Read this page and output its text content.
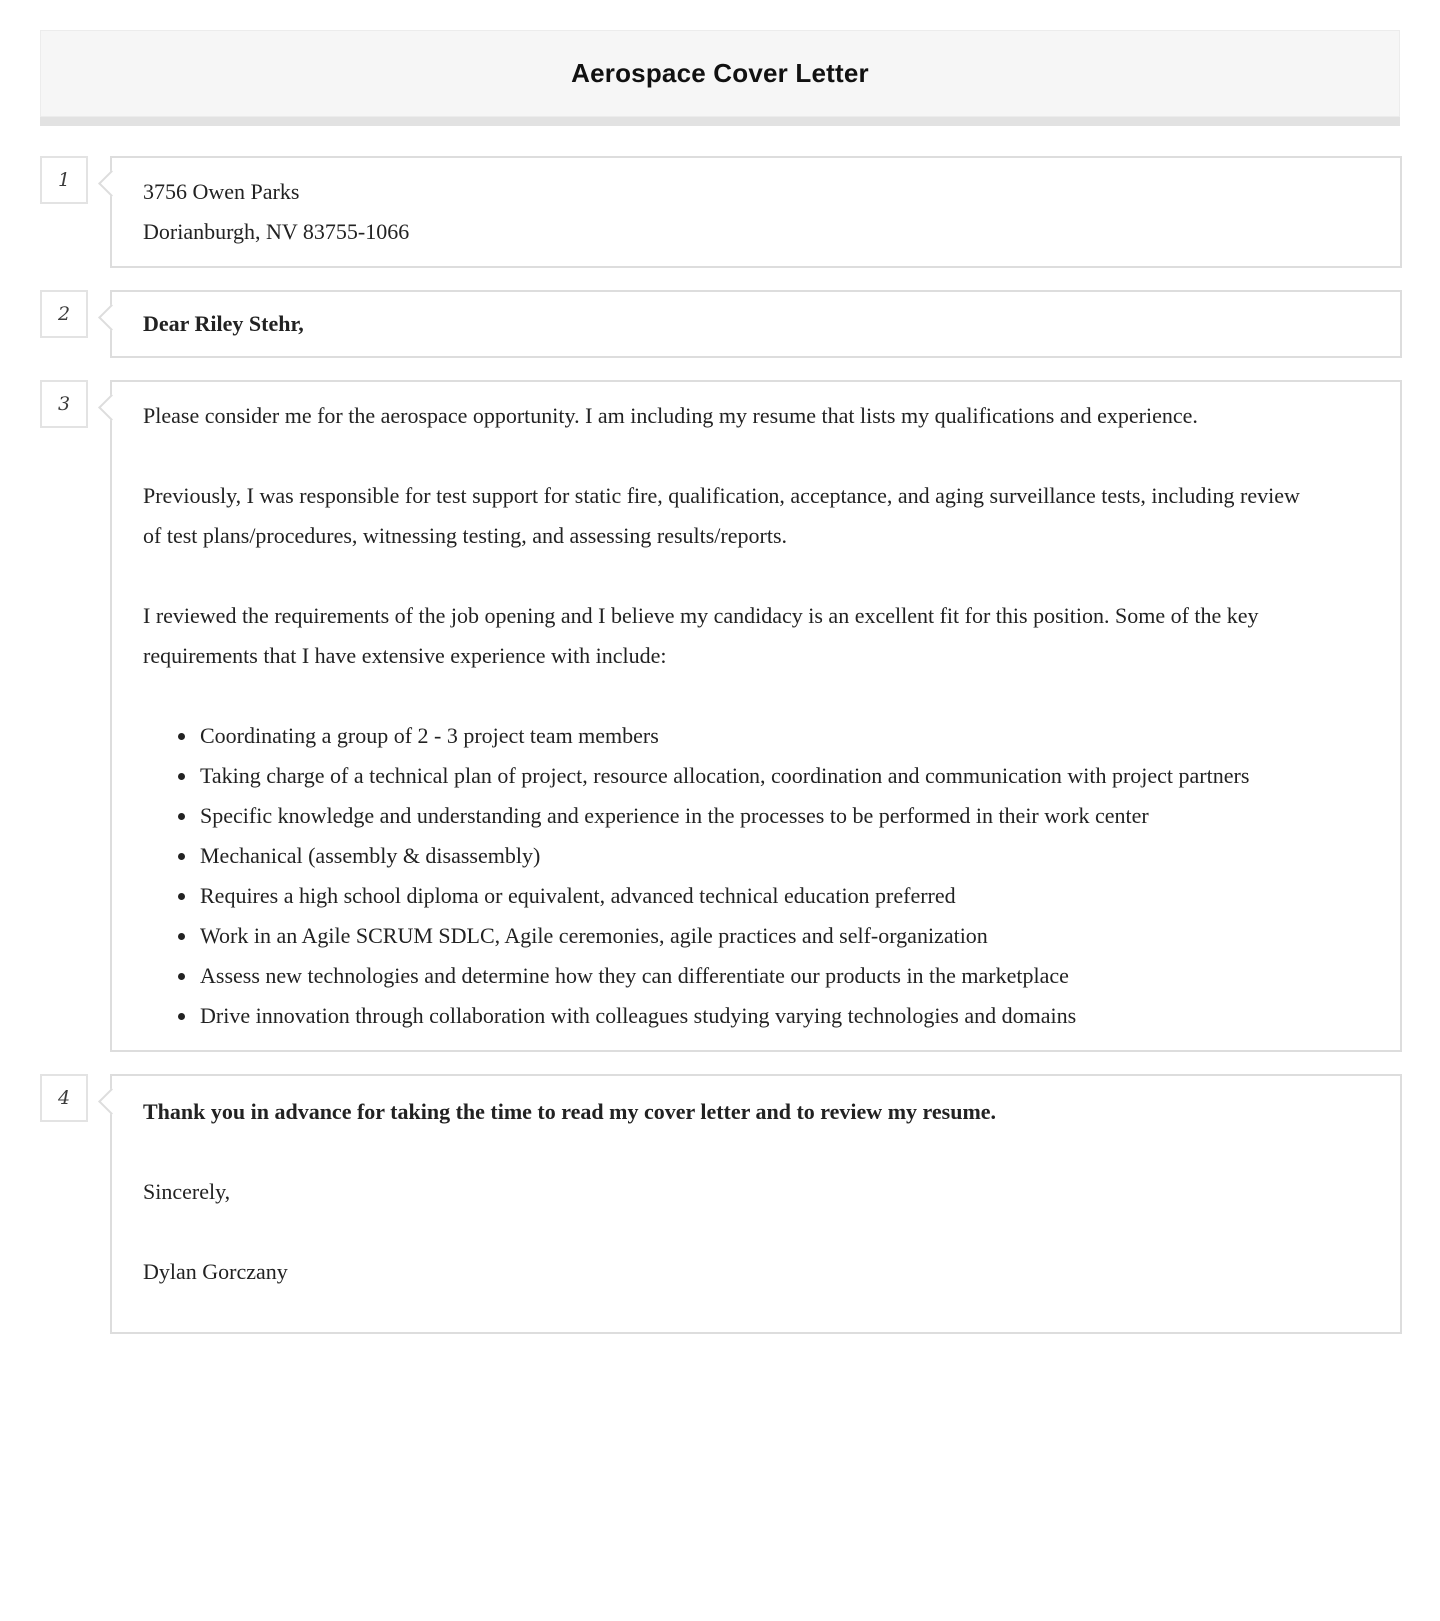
Aerospace Cover Letter
1	3756 Owen Parks

Dorianburgh, NV 83755-1066

2	Dear Riley Stehr,

3	Please consider me for the aerospace opportunity. I am including my resume that lists my qualifications and experience.

Previously, I was responsible for test support for static fire, qualification, acceptance, and aging surveillance tests, including review of test plans/procedures, witnessing testing, and assessing results/reports.

I reviewed the requirements of the job opening and I believe my candidacy is an excellent fit for this position. Some of the key requirements that I have extensive experience with include:

• Coordinating a group of 2 - 3 project team members
• Taking charge of a technical plan of project, resource allocation, coordination and communication with project partners
• Specific knowledge and understanding and experience in the processes to be performed in their work center
• Mechanical (assembly & disassembly)
• Requires a high school diploma or equivalent, advanced technical education preferred
• Work in an Agile SCRUM SDLC, Agile ceremonies, agile practices and self-organization
• Assess new technologies and determine how they can differentiate our products in the marketplace
• Drive innovation through collaboration with colleagues studying varying technologies and domains
4

Thank you in advance for taking the time to read my cover letter and to review my resume.

Sincerely,

Dylan Gorczany
